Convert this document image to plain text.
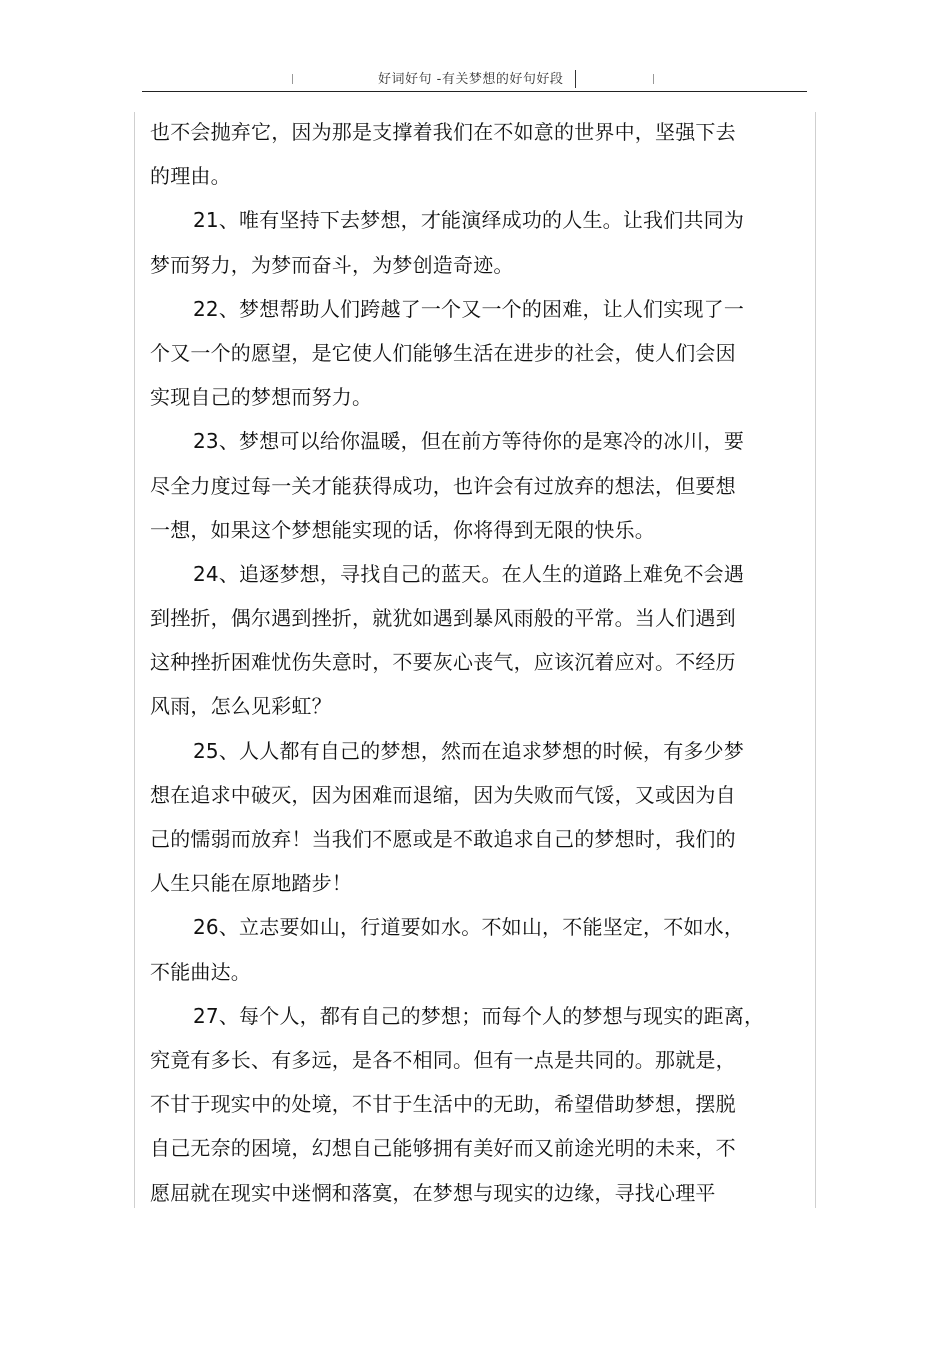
好词好句 -有关梦想的好句好段
也不会抛弃它，因为那是支撑着我们在不如意的世界中，坚强下去
的理由。
21、唯有坚持下去梦想，才能演绎成功的人生。让我们共同为
梦而努力，为梦而奋斗，为梦创造奇迹。
22、梦想帮助人们跨越了一个又一个的困难，让人们实现了一
个又一个的愿望，是它使人们能够生活在进步的社会，使人们会因
实现自己的梦想而努力。
23、梦想可以给你温暖，但在前方等待你的是寒冷的冰川，要
尽全力度过每一关才能获得成功，也许会有过放弃的想法，但要想
一想，如果这个梦想能实现的话，你将得到无限的快乐。
24、追逐梦想，寻找自己的蓝天。在人生的道路上难免不会遇
到挫折，偶尔遇到挫折，就犹如遇到暴风雨般的平常。当人们遇到
这种挫折困难忧伤失意时，不要灰心丧气，应该沉着应对。不经历
风雨，怎么见彩虹？
25、人人都有自己的梦想，然而在追求梦想的时候，有多少梦
想在追求中破灭，因为困难而退缩，因为失败而气馁，又或因为自
己的懦弱而放弃！当我们不愿或是不敢追求自己的梦想时，我们的
人生只能在原地踏步！
26、立志要如山，行道要如水。不如山，不能坚定，不如水，
不能曲达。
27、每个人，都有自己的梦想；而每个人的梦想与现实的距离，
究竟有多长、有多远，是各不相同。但有一点是共同的。那就是，
不甘于现实中的处境，不甘于生活中的无助，希望借助梦想，摆脱
自己无奈的困境，幻想自己能够拥有美好而又前途光明的未来，不
愿屈就在现实中迷惘和落寞，在梦想与现实的边缘，寻找心理平
